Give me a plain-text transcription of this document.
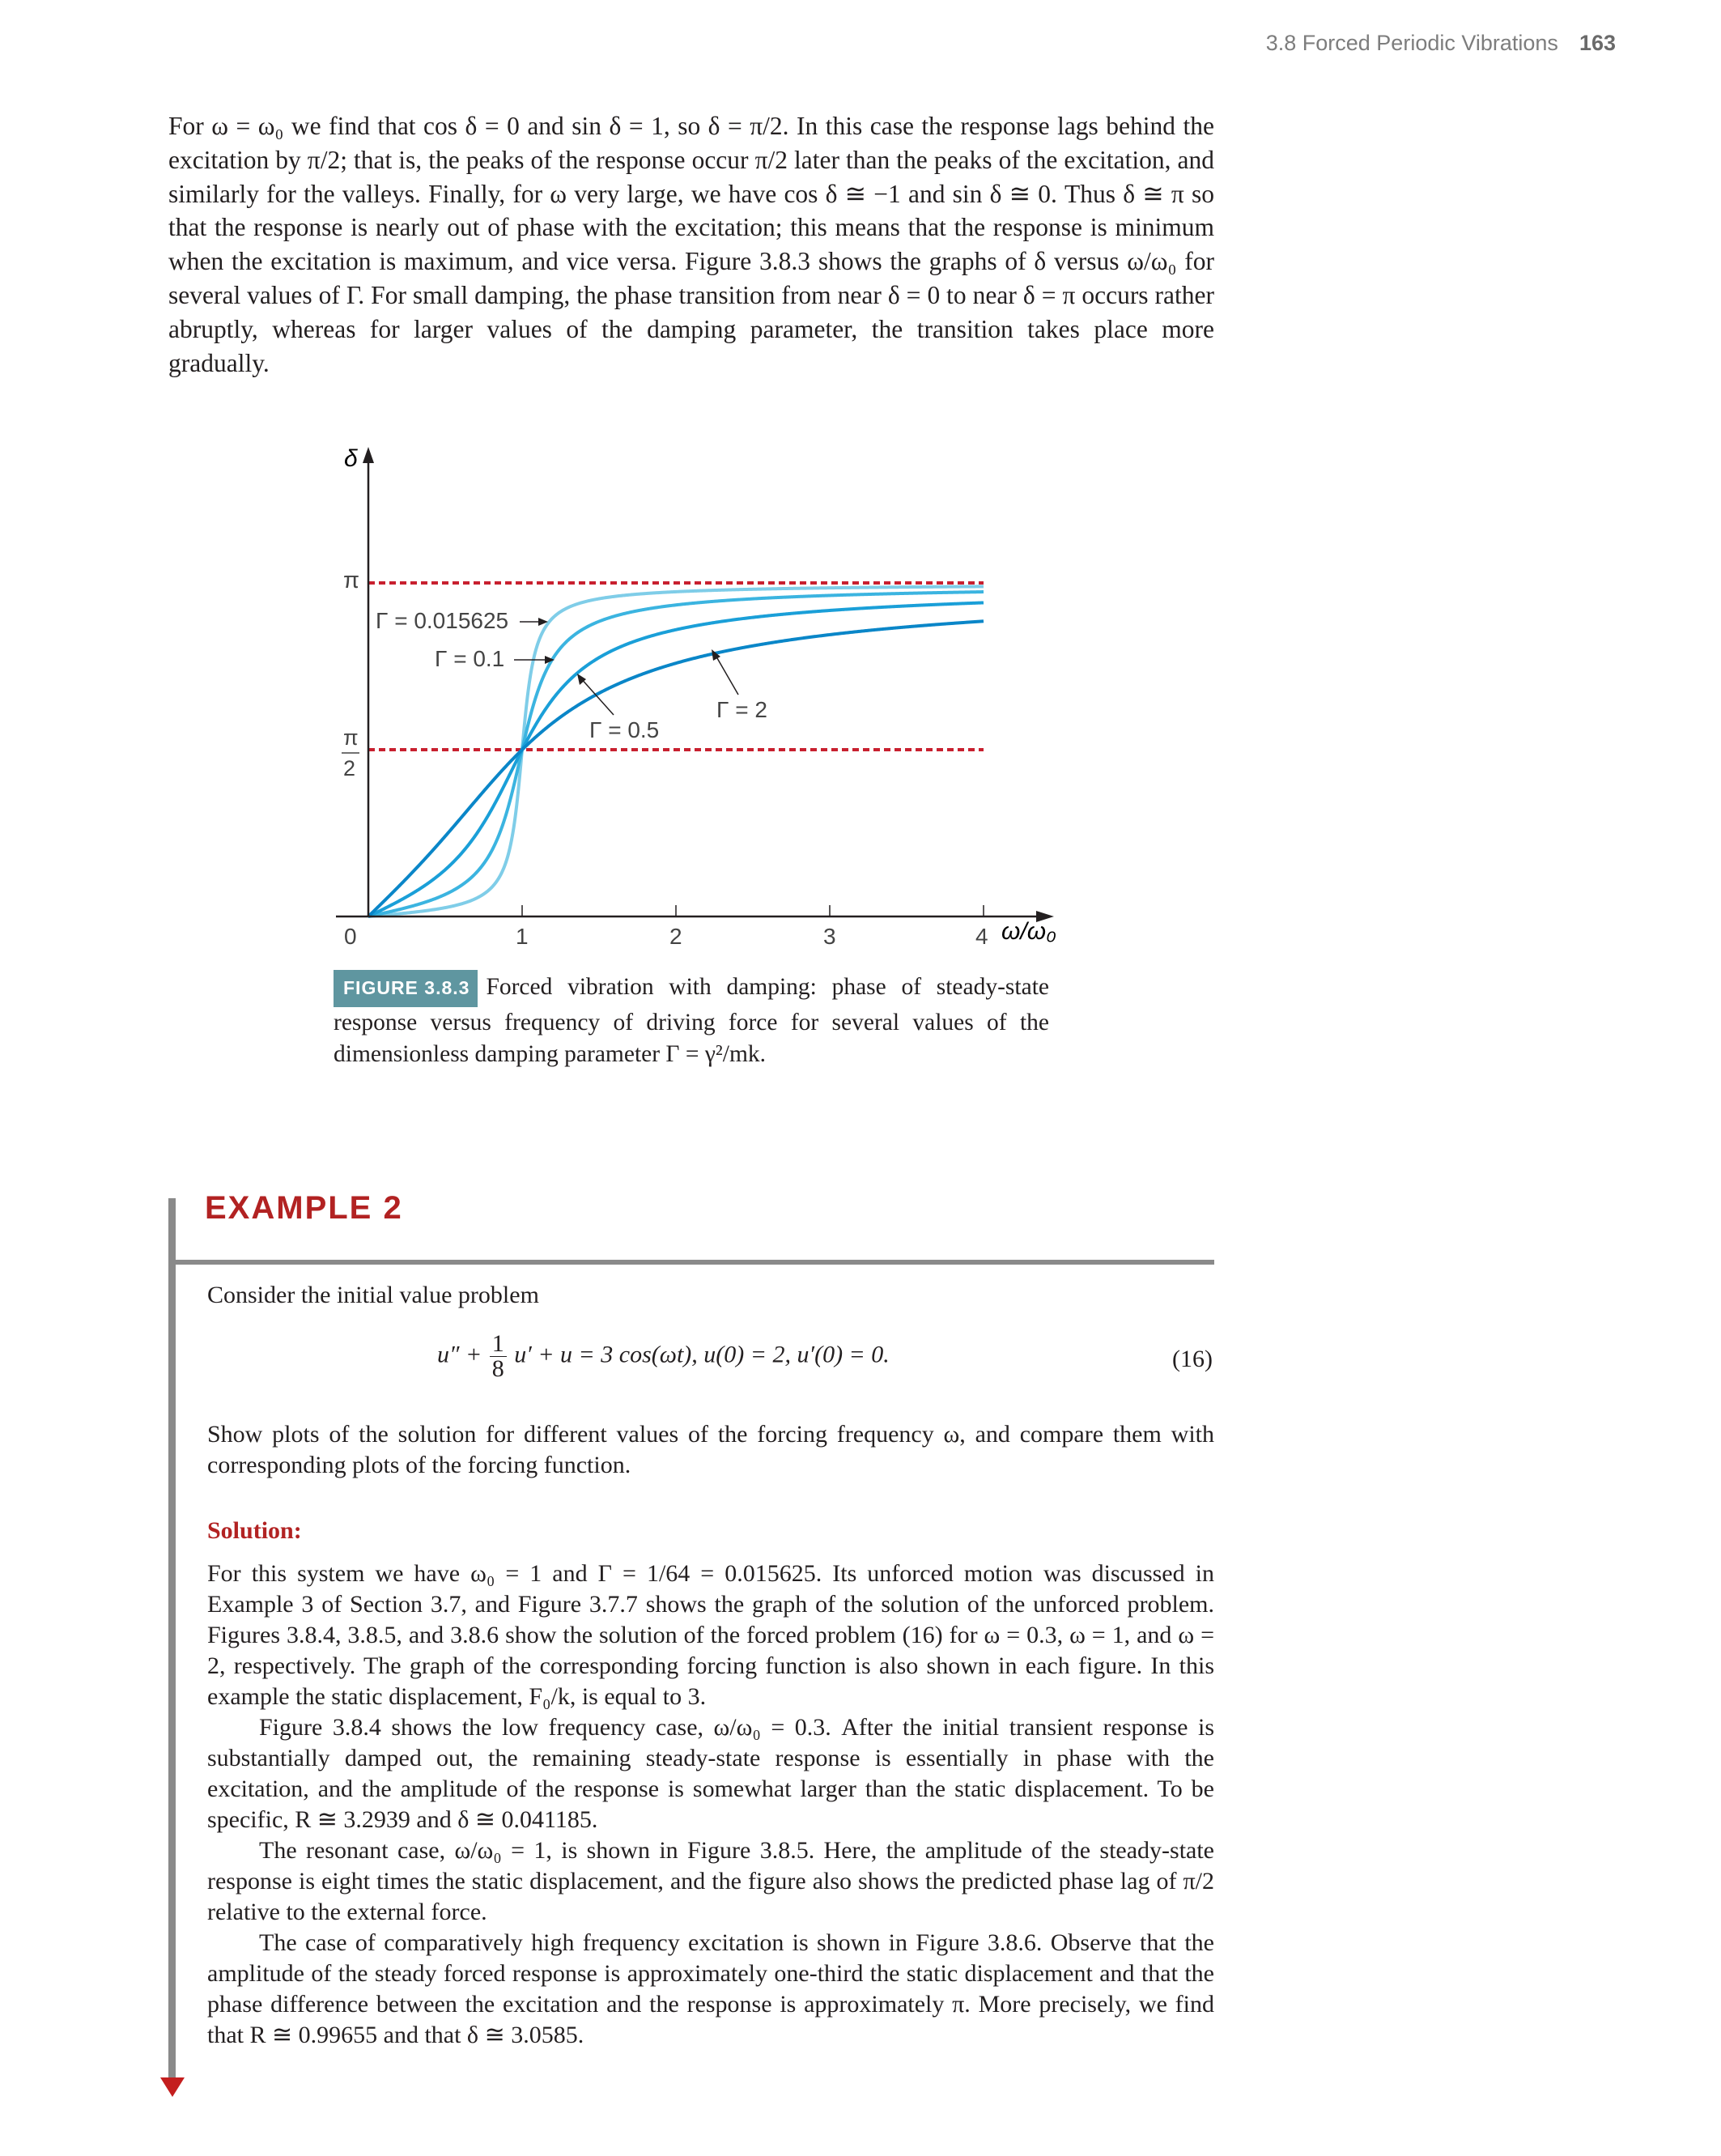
3.8 Forced Periodic Vibrations 163

For ω = ω₀ we find that cos δ = 0 and sin δ = 1, so δ = π/2. In this case the response lags behind the excitation by π/2; that is, the peaks of the response occur π/2 later than the peaks of the excitation, and similarly for the valleys. Finally, for ω very large, we have cos δ ≅ −1 and sin δ ≅ 0. Thus δ ≅ π so that the response is nearly out of phase with the excitation; this means that the response is minimum when the excitation is maximum, and vice versa. Figure 3.8.3 shows the graphs of δ versus ω/ω₀ for several values of Γ. For small damping, the phase transition from near δ = 0 to near δ = π occurs rather abruptly, whereas for larger values of the damping parameter, the transition takes place more gradually.

0	1	2	3	4
δ
ω/ω₀
π
π
2
Γ = 0.015625
Γ = 0.1
Γ = 0.5
Γ = 2
FIGURE 3.8.3 Forced vibration with damping: phase of steady-state response versus frequency of driving force for several values of the dimensionless damping parameter Γ = γ²/mk.
EXAMPLE 2

Consider the initial value problem

$u'' + \frac{1}{8} u' + u = 3$ cos(ωt), u(0) = 2, u′(0) = 0.	(16)

Show plots of the solution for different values of the forcing frequency ω, and compare them with corresponding plots of the forcing function.

Solution:

For this system we have ω₀ = 1 and Γ = 1/64 = 0.015625. Its unforced motion was discussed in Example 3 of Section 3.7, and Figure 3.7.7 shows the graph of the solution of the unforced problem. Figures 3.8.4, 3.8.5, and 3.8.6 show the solution of the forced problem (16) for ω = 0.3, ω = 1, and ω = 2, respectively. The graph of the corresponding forcing function is also shown in each figure. In this example the static displacement, F₀/k, is equal to 3.

Figure 3.8.4 shows the low frequency case, ω/ω₀ = 0.3. After the initial transient response is substantially damped out, the remaining steady-state response is essentially in phase with the excitation, and the amplitude of the response is somewhat larger than the static displacement. To be specific, R ≅ 3.2939 and δ ≅ 0.041185.

The resonant case, ω/ω₀ = 1, is shown in Figure 3.8.5. Here, the amplitude of the steady-state response is eight times the static displacement, and the figure also shows the predicted phase lag of π/2 relative to the external force.

The case of comparatively high frequency excitation is shown in Figure 3.8.6. Observe that the amplitude of the steady forced response is approximately one-third the static displacement and that the phase difference between the excitation and the response is approximately π. More precisely, we find that R ≅ 0.99655 and that δ ≅ 3.0585.
